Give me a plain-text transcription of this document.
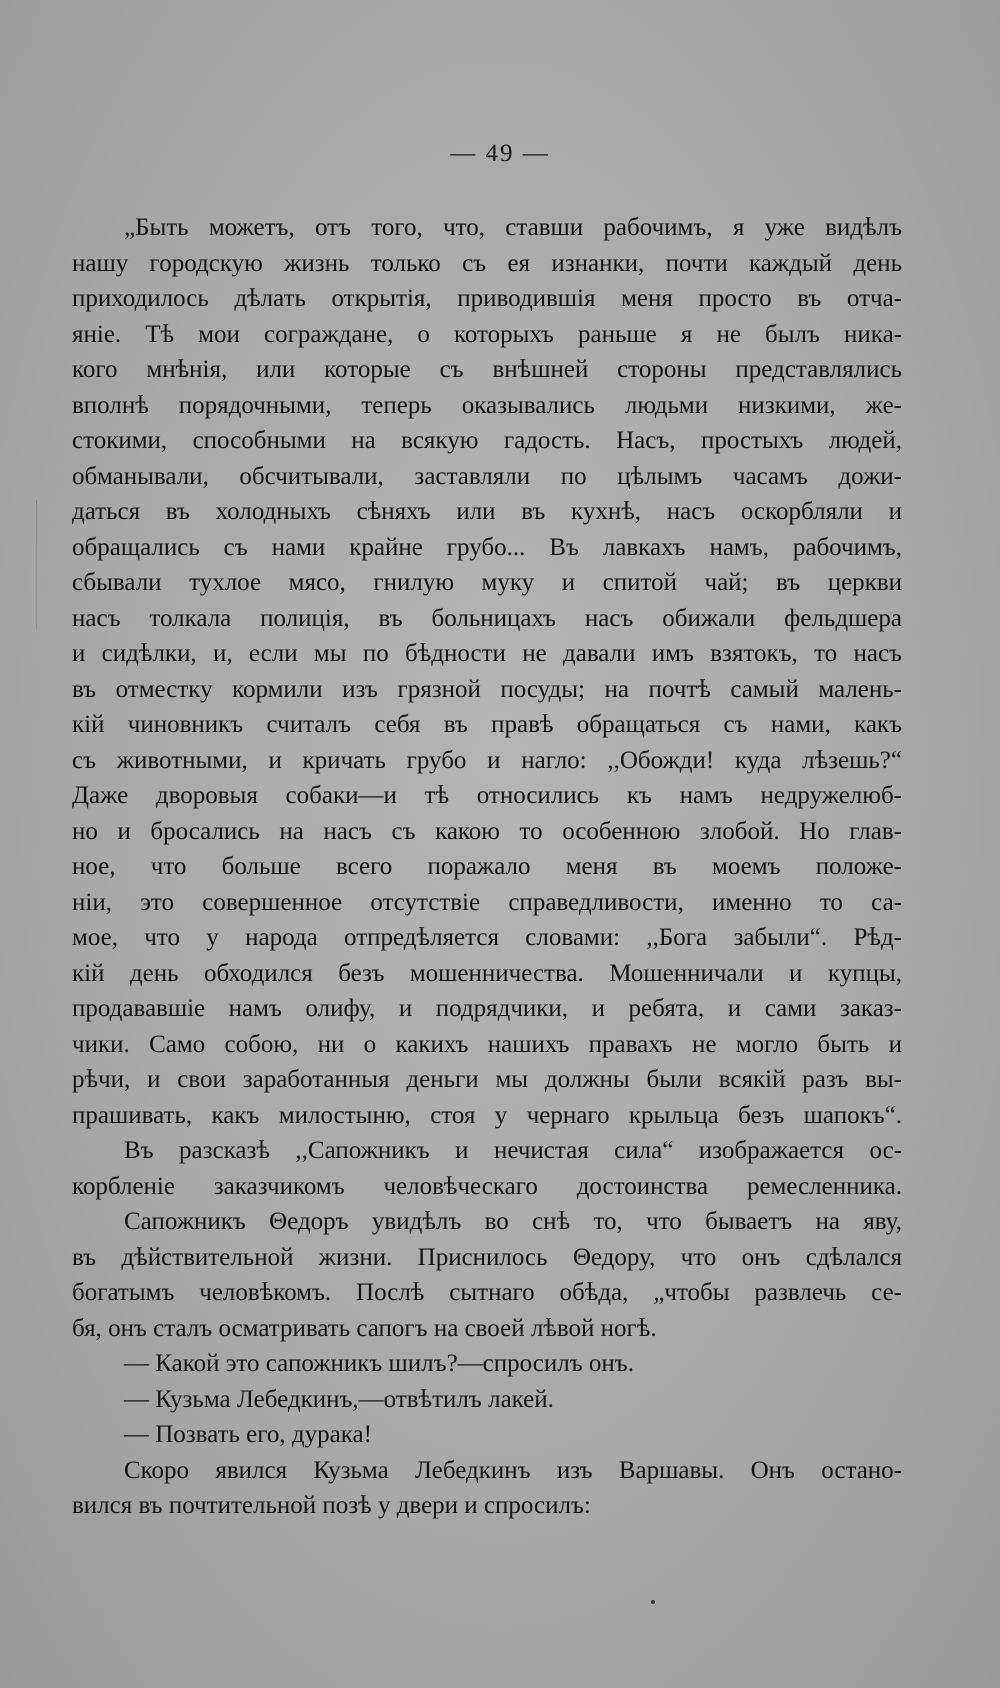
— 49 —
„Быть можетъ, отъ того, что, ставши рабочимъ, я уже видѣлъ
нашу городскую жизнь только съ ея изнанки, почти каждый день
приходилось дѣлать открытія, приводившія меня просто въ отча-
яніе. Тѣ мои сограждане, о которыхъ раньше я не былъ ника-
кого мнѣнія, или которые съ внѣшней стороны представлялись
вполнѣ порядочными, теперь оказывались людьми низкими, же-
стокими, способными на всякую гадость. Насъ, простыхъ людей,
обманывали, обсчитывали, заставляли по цѣлымъ часамъ дожи-
даться въ холодныхъ сѣняхъ или въ кухнѣ, насъ оскорбляли и
обращались съ нами крайне грубо... Въ лавкахъ намъ, рабочимъ,
сбывали тухлое мясо, гнилую муку и спитой чай; въ церкви
насъ толкала полиція, въ больницахъ насъ обижали фельдшера
и сидѣлки, и, если мы по бѣдности не давали имъ взятокъ, то насъ
въ отместку кормили изъ грязной посуды; на почтѣ самый малень-
кій чиновникъ считалъ себя въ правѣ обращаться съ нами, какъ
съ животными, и кричать грубо и нагло: ,,Обожди! куда лѣзешь?“
Даже дворовыя собаки—и тѣ относились къ намъ недружелюб-
но и бросались на насъ съ какою то особенною злобой. Но глав-
ное, что больше всего поражало меня въ моемъ положе-
ніи, это совершенное отсутствіе справедливости, именно то са-
мое, что у народа отпредѣляется словами: ,,Бога забыли“. Рѣд-
кій день обходился безъ мошенничества. Мошенничали и купцы,
продававшіе намъ олифу, и подрядчики, и ребята, и сами заказ-
чики. Само собою, ни о какихъ нашихъ правахъ не могло быть и
рѣчи, и свои заработанныя деньги мы должны были всякій разъ вы-
прашивать, какъ милостыню, стоя у чернаго крыльца безъ шапокъ“.
Въ разсказѣ ,,Сапожникъ и нечистая сила“ изображается ос-
корбленіе заказчикомъ человѣческаго достоинства ремесленника.
Сапожникъ Θедоръ увидѣлъ во снѣ то, что бываетъ на яву,
въ дѣйствительной жизни. Приснилось Θедору, что онъ сдѣлался
богатымъ человѣкомъ. Послѣ сытнаго обѣда, „чтобы развлечь се-
бя, онъ сталъ осматривать сапогъ на своей лѣвой ногѣ.
— Какой это сапожникъ шилъ?—спросилъ онъ.
— Кузьма Лебедкинъ,—отвѣтилъ лакей.
— Позвать его, дурака!
Скоро явился Кузьма Лебедкинъ изъ Варшавы. Онъ остано-
вился въ почтительной позѣ у двери и спросилъ:
